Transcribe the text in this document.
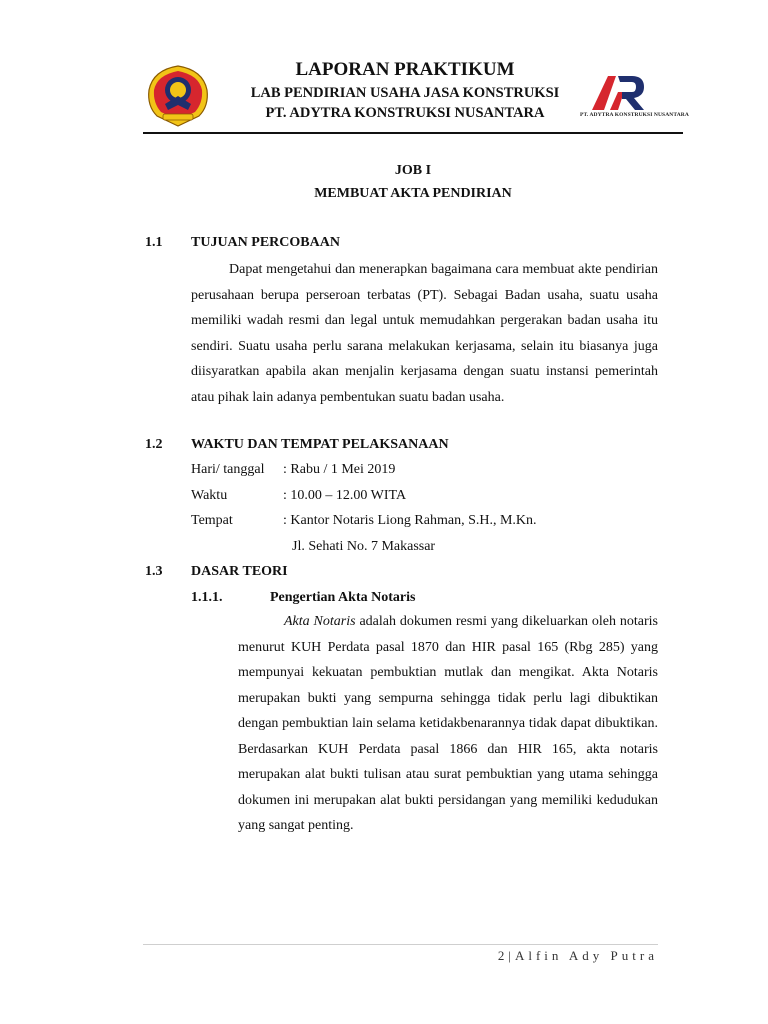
LAPORAN PRAKTIKUM
LAB PENDIRIAN USAHA JASA KONSTRUKSI
PT. ADYTRA KONSTRUKSI NUSANTARA	PT. ADYTRA KONSTRUKSI NUSANTARA
JOB I
MEMBUAT AKTA PENDIRIAN
1.1 TUJUAN PERCOBAAN
Dapat mengetahui dan menerapkan bagaimana cara membuat akte pendirian perusahaan berupa perseroan terbatas (PT). Sebagai Badan usaha, suatu usaha memiliki wadah resmi dan legal untuk memudahkan pergerakan badan usaha itu sendiri. Suatu usaha perlu sarana melakukan kerjasama, selain itu biasanya juga diisyaratkan apabila akan menjalin kerjasama dengan suatu instansi pemerintah atau pihak lain adanya pembentukan suatu badan usaha.
1.2 WAKTU DAN TEMPAT PELAKSANAAN
Hari/ tanggal : Rabu / 1 Mei 2019
Waktu	: 10.00 – 12.00 WITA
Tempat	: Kantor Notaris Liong Rahman, S.H., M.Kn.
Jl. Sehati No. 7 Makassar
1.3 DASAR TEORI
1.1.1.	Pengertian Akta Notaris
Akta Notaris adalah dokumen resmi yang dikeluarkan oleh notaris menurut KUH Perdata pasal 1870 dan HIR pasal 165 (Rbg 285) yang mempunyai kekuatan pembuktian mutlak dan mengikat. Akta Notaris merupakan bukti yang sempurna sehingga tidak perlu lagi dibuktikan dengan pembuktian lain selama ketidakbenarannya tidak dapat dibuktikan. Berdasarkan KUH Perdata pasal 1866 dan HIR 165, akta notaris merupakan alat bukti tulisan atau surat pembuktian yang utama sehingga dokumen ini merupakan alat bukti persidangan yang memiliki kedudukan yang sangat penting.
2|Alfin Ady Putra
